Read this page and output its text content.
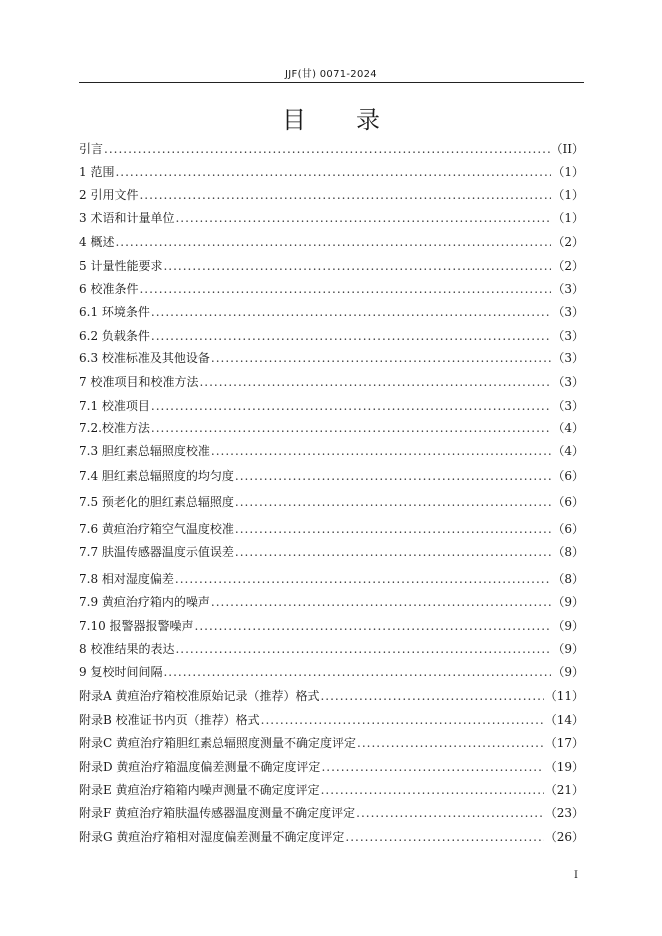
JJF(甘) 0071-2024
目录
引言 .....	（II）
1 范围 .....	（1）
2 引用文件 .....	（1）
3 术语和计量单位 .....	（1）
4 概述 .....	（2）
5 计量性能要求 .....	（2）
6 校准条件 .....	（3）
6.1 环境条件 .....	（3）
6.2 负载条件 .....	（3）
6.3 校准标准及其他设备 .....	（3）
7 校准项目和校准方法 .....	（3）
7.1 校准项目 .....	（3）
7.2.校准方法 .....	（4）
7.3 胆红素总辐照度校准 .....	（4）
7.4 胆红素总辐照度的均匀度 .....	（6）
7.5 预老化的胆红素总辐照度 .....	（6）
7.6 黄疸治疗箱空气温度校准 .....	（6）
7.7 肤温传感器温度示值误差 .....	（8）
7.8 相对湿度偏差 .....	（8）
7.9 黄疸治疗箱内的噪声 .....	（9）
7.10 报警器报警噪声 .....	（9）
8 校准结果的表达 .....	（9）
9 复校时间间隔 .....	（9）
附录A 黄疸治疗箱校准原始记录（推荐）格式 .....	（11）
附录B 校准证书内页（推荐）格式 .....	（14）
附录C 黄疸治疗箱胆红素总辐照度测量不确定度评定 .....	（17）
附录D 黄疸治疗箱温度偏差测量不确定度评定 .....	（19）
附录E 黄疸治疗箱箱内噪声测量不确定度评定 .....	（21）
附录F 黄疸治疗箱肤温传感器温度测量不确定度评定 .....	（23）
附录G 黄疸治疗箱相对湿度偏差测量不确定度评定 .....	（26）
I
